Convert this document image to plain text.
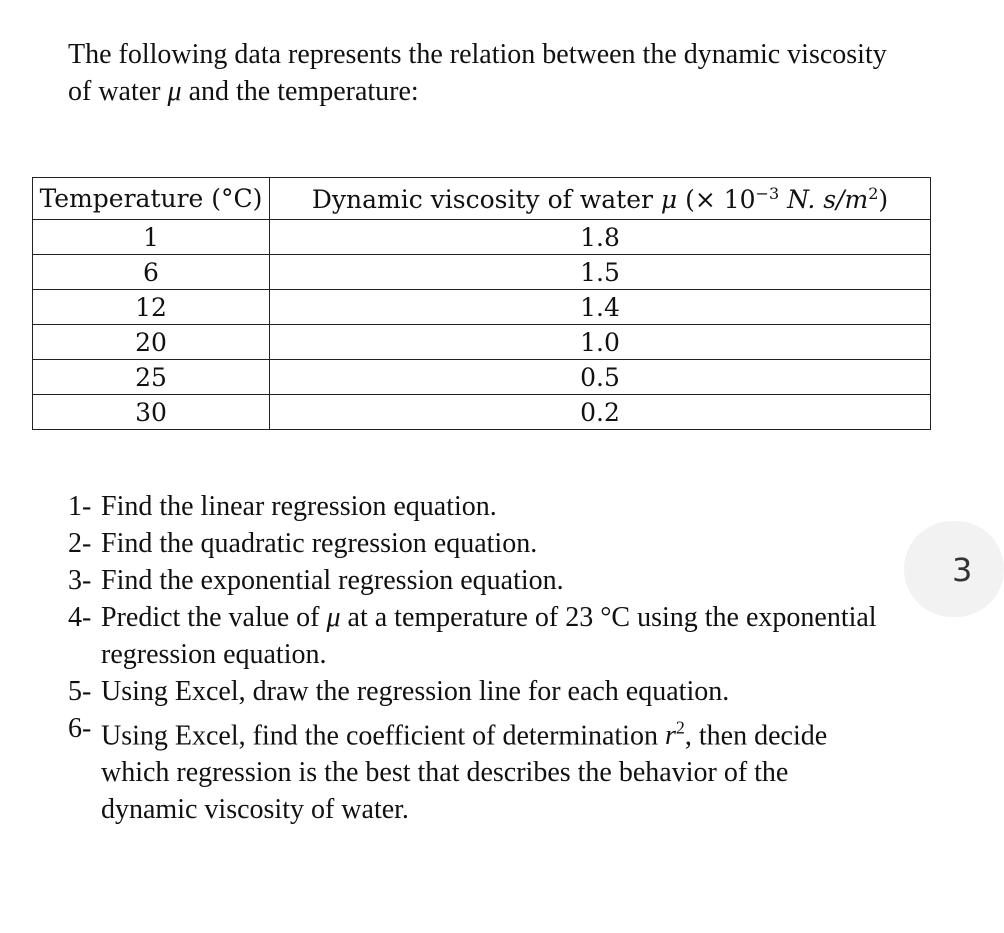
The following data represents the relation between the dynamic viscosity of water μ and the temperature:

Temperature (°C)	Dynamic viscosity of water μ (× $10^{-3}$ N. $s/m^2$)
1	1.8
6	1.5
12	1.4
20	1.0
25	0.5
30	0.2
1- Find the linear regression equation.
2- Find the quadratic regression equation.
3- Find the exponential regression equation.
4- Predict the value of μ at a temperature of 23 °C using the exponential regression equation.
5- Using Excel, draw the regression line for each equation.
6- Using Excel, find the coefficient of determination $r^2$, then decide which regression is the best that describes the behavior of the dynamic viscosity of water.
3
